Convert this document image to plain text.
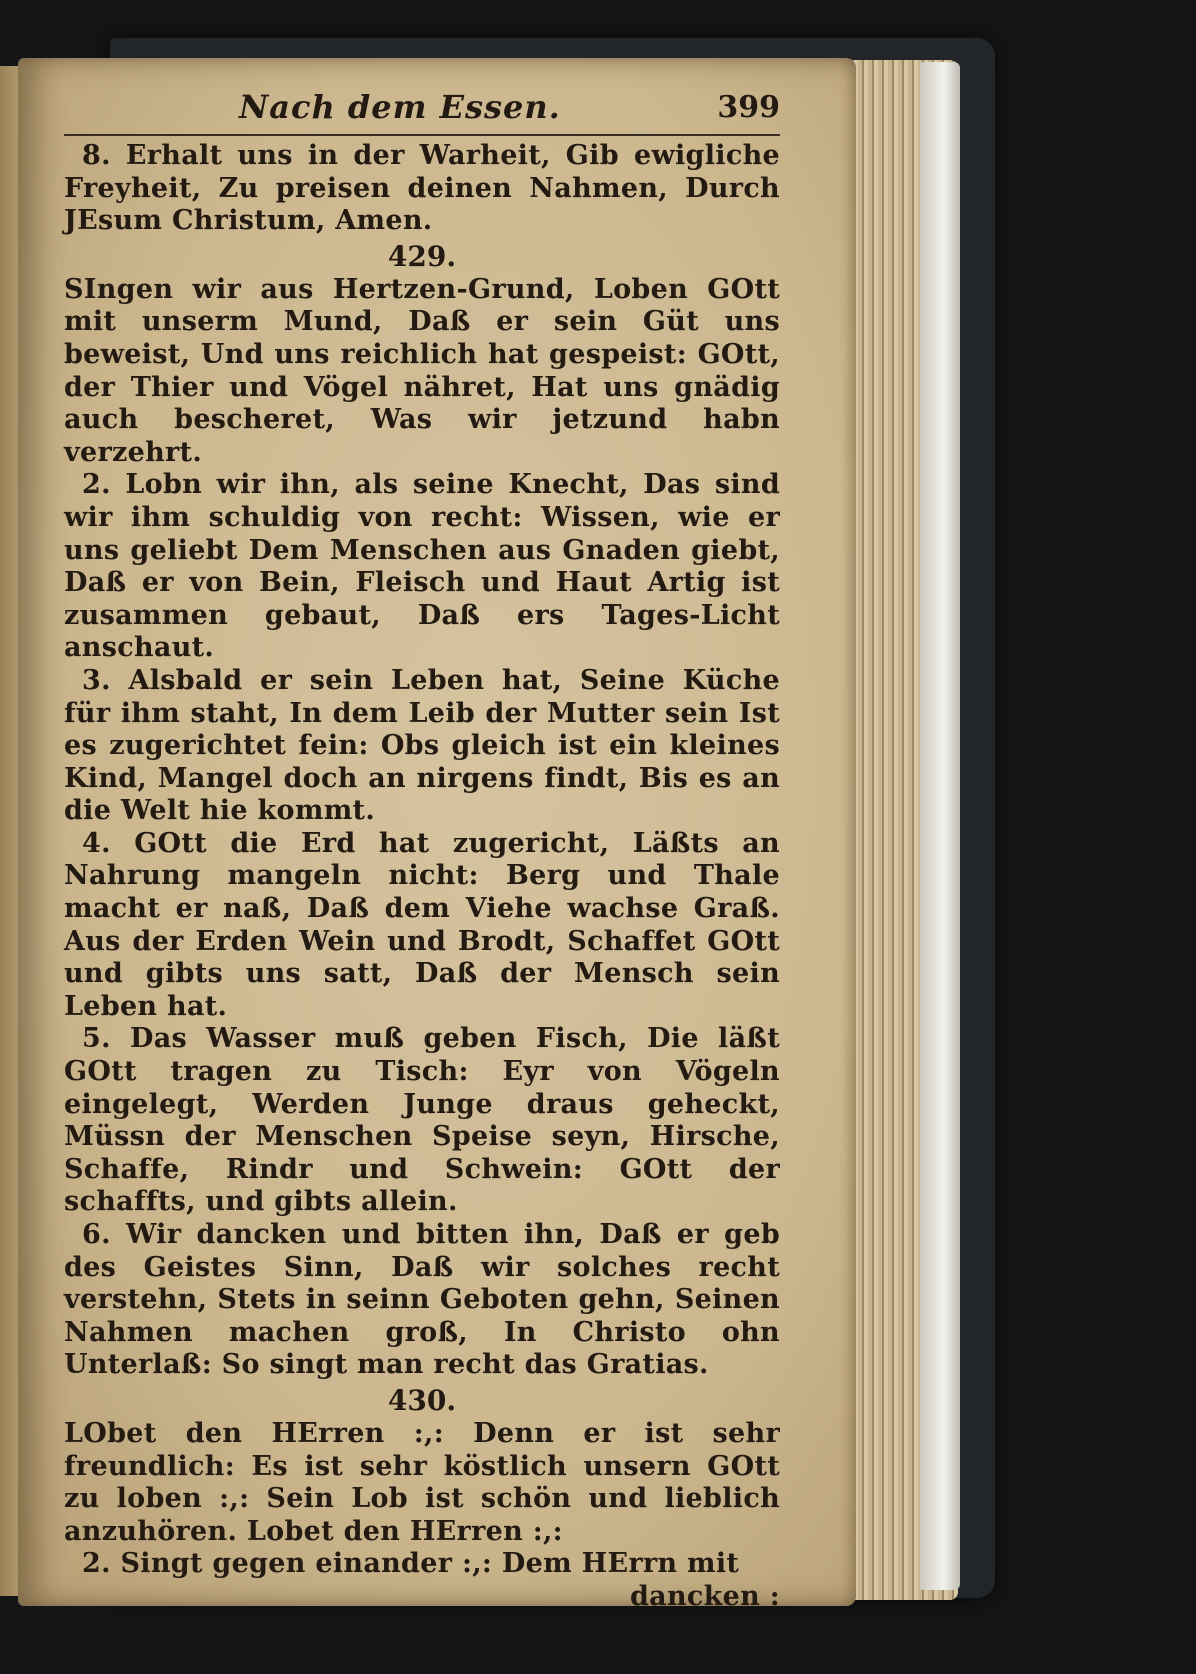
Nach dem Essen.	399

8. Erhalt uns in der Warheit, Gib ewigliche Freyheit, Zu preisen deinen Nahmen, Durch JEsum Christum, Amen.

429.

SIngen wir aus Hertzen-Grund, Loben GOtt mit unserm Mund, Daß er sein Güt uns beweist, Und uns reichlich hat gespeist: GOtt, der Thier und Vögel nähret, Hat uns gnädig auch bescheret, Was wir jetzund habn verzehrt.

2. Lobn wir ihn, als seine Knecht, Das sind wir ihm schuldig von recht: Wissen, wie er uns geliebt Dem Menschen aus Gnaden giebt, Daß er von Bein, Fleisch und Haut Artig ist zusammen gebaut, Daß ers Tages-Licht anschaut.

3. Alsbald er sein Leben hat, Seine Küche für ihm staht, In dem Leib der Mutter sein Ist es zugerichtet fein: Obs gleich ist ein kleines Kind, Mangel doch an nirgens findt, Bis es an die Welt hie kommt.

4. GOtt die Erd hat zugericht, Läßts an Nahrung mangeln nicht: Berg und Thale macht er naß, Daß dem Viehe wachse Graß. Aus der Erden Wein und Brodt, Schaffet GOtt und gibts uns satt, Daß der Mensch sein Leben hat.

5. Das Wasser muß geben Fisch, Die läßt GOtt tragen zu Tisch: Eyr von Vögeln eingelegt, Werden Junge draus geheckt, Müssn der Menschen Speise seyn, Hirsche, Schaffe, Rindr und Schwein: GOtt der schaffts, und gibts allein.

6. Wir dancken und bitten ihn, Daß er geb des Geistes Sinn, Daß wir solches recht verstehn, Stets in seinn Geboten gehn, Seinen Nahmen machen groß, In Christo ohn Unterlaß: So singt man recht das Gratias.

430.

LObet den HErren :,: Denn er ist sehr freundlich: Es ist sehr köstlich unsern GOtt zu loben :,: Sein Lob ist schön und lieblich anzuhören. Lobet den HErren :,:

2. Singt gegen einander :,: Dem HErrn mit

dancken :
